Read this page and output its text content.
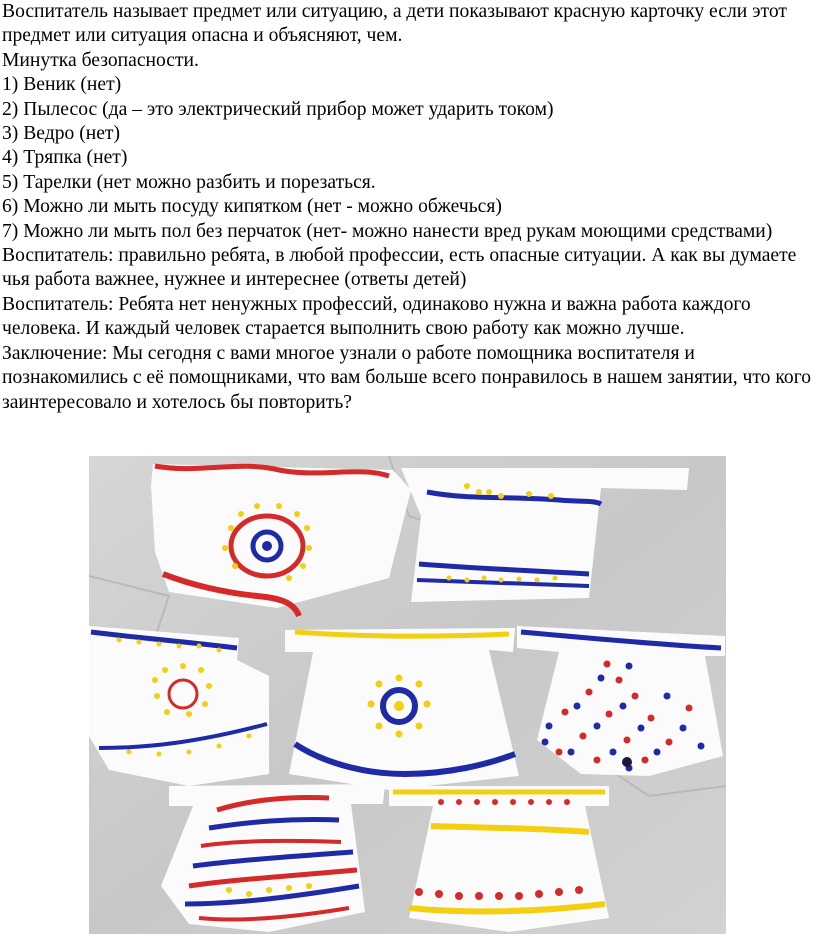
Воспитатель называет предмет или ситуацию, а дети показывают красную карточку если этот предмет или ситуация опасна и объясняют, чем.

Минутка безопасности.

1) Веник (нет)

2) Пылесос (да – это электрический прибор может ударить током)

3) Ведро (нет)

4) Тряпка (нет)

5) Тарелки (нет можно разбить и порезаться.

6) Можно ли мыть посуду кипятком (нет - можно обжечься)

7) Можно ли мыть пол без перчаток (нет- можно нанести вред рукам моющими средствами)

Воспитатель: правильно ребята, в любой профессии, есть опасные ситуации. А как вы думаете чья работа важнее, нужнее и интереснее (ответы детей)

Воспитатель: Ребята нет ненужных профессий, одинаково нужна и важна работа каждого человека. И каждый человек старается выполнить свою работу как можно лучше.

Заключение: Мы сегодня с вами многое узнали о работе помощника воспитателя и познакомились с её помощниками, что вам больше всего понравилось в нашем занятии, что кого заинтересовало и хотелось бы повторить?
